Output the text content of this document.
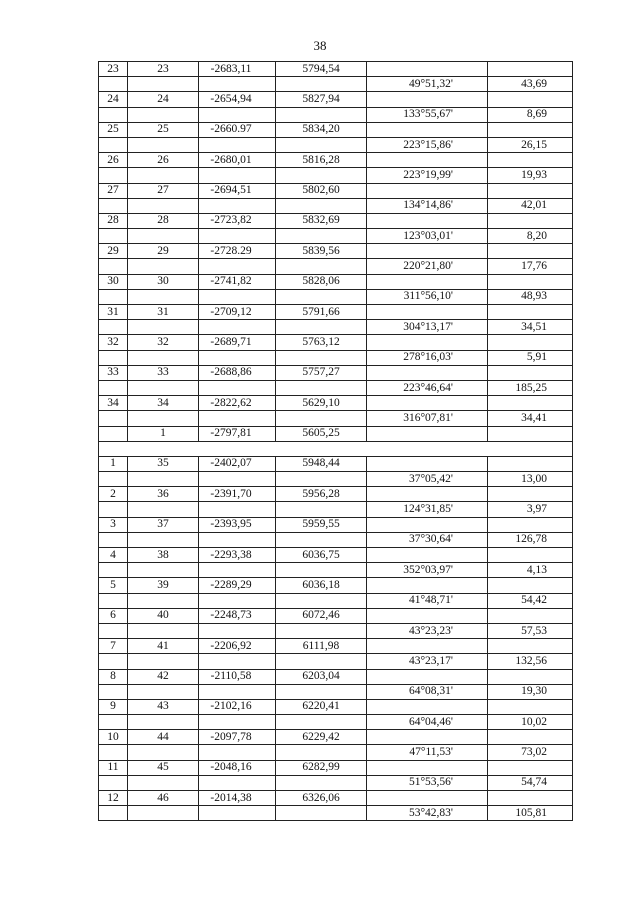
38
23	23	-2683,11	5794,54		
				49°51,32'	43,69
24	24	-2654,94	5827,94		
				133°55,67'	8,69
25	25	-2660.97	5834,20		
				223°15,86'	26,15
26	26	-2680,01	5816,28		
				223°19,99'	19,93
27	27	-2694,51	5802,60		
				134°14,86'	42,01
28	28	-2723,82	5832,69		
				123°03,01'	8,20
29	29	-2728.29	5839,56		
				220°21,80'	17,76
30	30	-2741,82	5828,06		
				311°56,10'	48,93
31	31	-2709,12	5791,66		
				304°13,17'	34,51
32	32	-2689,71	5763,12		
				278°16,03'	5,91
33	33	-2688,86	5757,27		
				223°46,64'	185,25
34	34	-2822,62	5629,10		
				316°07,81'	34,41
	1	-2797,81	5605,25		

1	35	-2402,07	5948,44		
				37°05,42'	13,00
2	36	-2391,70	5956,28		
				124°31,85'	3,97
3	37	-2393,95	5959,55		
				37°30,64'	126,78
4	38	-2293,38	6036,75		
				352°03,97'	4,13
5	39	-2289,29	6036,18		
				41°48,71'	54,42
6	40	-2248,73	6072,46		
				43°23,23'	57,53
7	41	-2206,92	6111,98		
				43°23,17'	132,56
8	42	-2110,58	6203,04		
				64°08,31'	19,30
9	43	-2102,16	6220,41		
				64°04,46'	10,02
10	44	-2097,78	6229,42		
				47°11,53'	73,02
11	45	-2048,16	6282,99		
				51°53,56'	54,74
12	46	-2014,38	6326,06		
				53°42,83'	105,81
